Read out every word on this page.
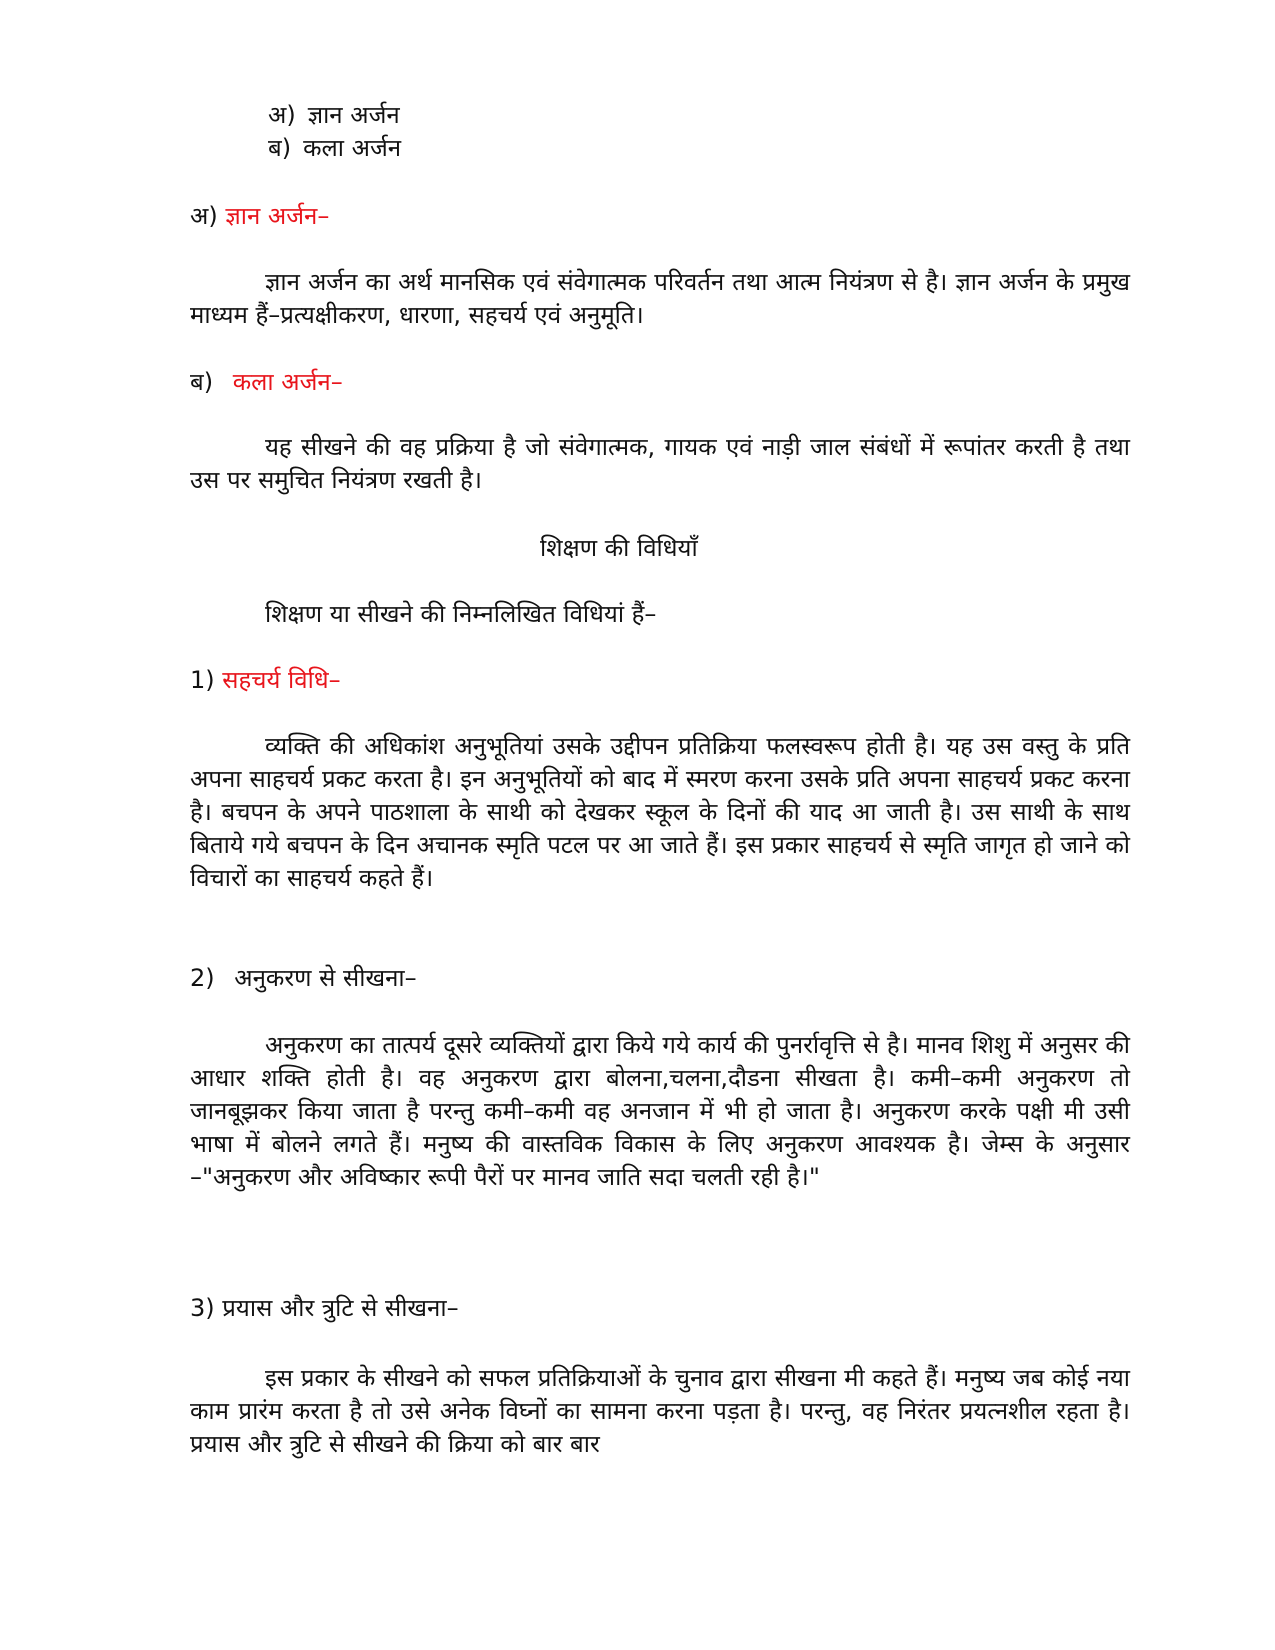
अ) ज्ञान अर्जन
ब) कला अर्जन
अ) ज्ञान अर्जन–

ज्ञान अर्जन का अर्थ मानसिक एवं संवेगात्मक परिवर्तन तथा आत्म नियंत्रण से है। ज्ञान अर्जन के प्रमुख माध्यम हैं–प्रत्यक्षीकरण, धारणा, सहचर्य एवं अनुमूति।

ब) कला अर्जन–

यह सीखने की वह प्रक्रिया है जो संवेगात्मक, गायक एवं नाड़ी जाल संबंधों में रूपांतर करती है तथा उस पर समुचित नियंत्रण रखती है।

शिक्षण की विधियाँ
शिक्षण या सीखने की निम्नलिखित विधियां हैं–
1) सहचर्य विधि–

व्यक्ति की अधिकांश अनुभूतियां उसके उद्दीपन प्रतिक्रिया फलस्वरूप होती है। यह उस वस्तु के प्रति अपना साहचर्य प्रकट करता है। इन अनुभूतियों को बाद में स्मरण करना उसके प्रति अपना साहचर्य प्रकट करना है। बचपन के अपने पाठशाला के साथी को देखकर स्कूल के दिनों की याद आ जाती है। उस साथी के साथ बिताये गये बचपन के दिन अचानक स्मृति पटल पर आ जाते हैं। इस प्रकार साहचर्य से स्मृति जागृत हो जाने को विचारों का साहचर्य कहते हैं।

2) अनुकरण से सीखना–

अनुकरण का तात्पर्य दूसरे व्यक्तियों द्वारा किये गये कार्य की पुनर्रावृत्ति से है। मानव शिशु में अनुसर की आधार शक्ति होती है। वह अनुकरण द्वारा बोलना,चलना,दौडना सीखता है। कमी–कमी अनुकरण तो जानबूझकर किया जाता है परन्तु कमी–कमी वह अनजान में भी हो जाता है। अनुकरण करके पक्षी मी उसी भाषा में बोलने लगते हैं। मनुष्य की वास्तविक विकास के लिए अनुकरण आवश्यक है। जेम्स के अनुसार –"अनुकरण और अविष्कार रूपी पैरों पर मानव जाति सदा चलती रही है।"

3) प्रयास और त्रुटि से सीखना–

इस प्रकार के सीखने को सफल प्रतिक्रियाओं के चुनाव द्वारा सीखना मी कहते हैं। मनुष्य जब कोई नया काम प्रारंम करता है तो उसे अनेक विघ्नों का सामना करना पड़ता है। परन्तु, वह निरंतर प्रयत्नशील रहता है। प्रयास और त्रुटि से सीखने की क्रिया को बार बार
